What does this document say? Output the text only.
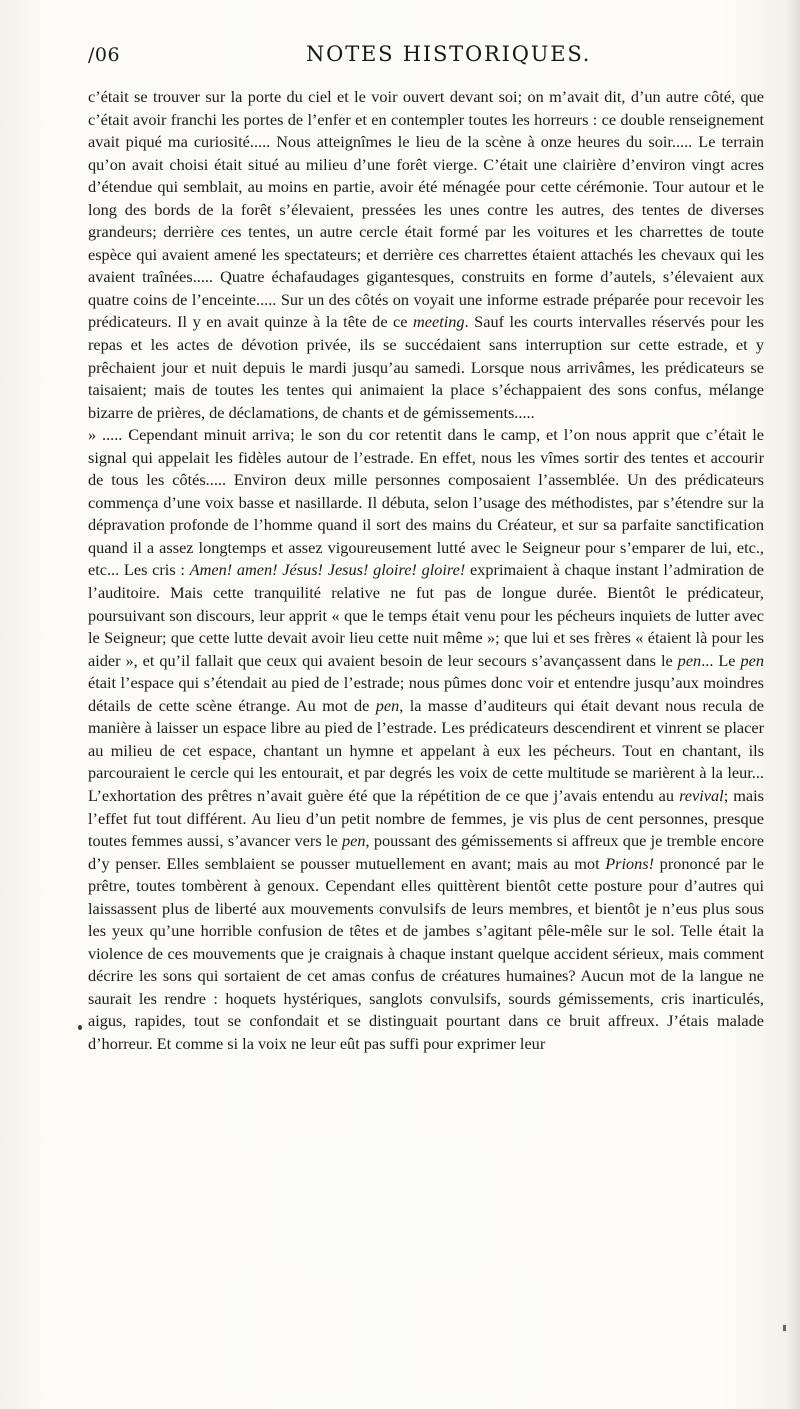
/06	NOTES HISTORIQUES.

c’était se trouver sur la porte du ciel et le voir ouvert devant soi; on m’avait dit, d’un autre côté, que c’était avoir franchi les portes de l’enfer et en contempler toutes les horreurs : ce double renseignement avait piqué ma curiosité..... Nous atteignîmes le lieu de la scène à onze heures du soir..... Le terrain qu’on avait choisi était situé au milieu d’une forêt vierge. C’était une clairière d’environ vingt acres d’étendue qui semblait, au moins en partie, avoir été ménagée pour cette cérémonie. Tour autour et le long des bords de la forêt s’élevaient, pressées les unes contre les autres, des tentes de diverses grandeurs; derrière ces tentes, un autre cercle était formé par les voitures et les charrettes de toute espèce qui avaient amené les spectateurs; et derrière ces charrettes étaient attachés les chevaux qui les avaient traînées..... Quatre échafaudages gigantesques, construits en forme d’autels, s’élevaient aux quatre coins de l’enceinte..... Sur un des côtés on voyait une informe estrade préparée pour recevoir les prédicateurs. Il y en avait quinze à la tête de ce meeting. Sauf les courts intervalles réservés pour les repas et les actes de dévotion privée, ils se succédaient sans interruption sur cette estrade, et y prêchaient jour et nuit depuis le mardi jusqu’au samedi. Lorsque nous arrivâmes, les prédicateurs se taisaient; mais de toutes les tentes qui animaient la place s’échappaient des sons confus, mélange bizarre de prières, de déclamations, de chants et de gémissements.....

» ..... Cependant minuit arriva; le son du cor retentit dans le camp, et l’on nous apprit que c’était le signal qui appelait les fidèles autour de l’estrade. En effet, nous les vîmes sortir des tentes et accourir de tous les côtés..... Environ deux mille personnes composaient l’assemblée. Un des prédicateurs commença d’une voix basse et nasillarde. Il débuta, selon l’usage des méthodistes, par s’étendre sur la dépravation profonde de l’homme quand il sort des mains du Créateur, et sur sa parfaite sanctification quand il a assez longtemps et assez vigoureusement lutté avec le Seigneur pour s’emparer de lui, etc., etc... Les cris : Amen! amen! Jésus! Jesus! gloire! gloire! exprimaient à chaque instant l’admiration de l’auditoire. Mais cette tranquilité relative ne fut pas de longue durée. Bientôt le prédicateur, poursuivant son discours, leur apprit « que le temps était venu pour les pécheurs inquiets de lutter avec le Seigneur; que cette lutte devait avoir lieu cette nuit même »; que lui et ses frères « étaient là pour les aider », et qu’il fallait que ceux qui avaient besoin de leur secours s’avançassent dans le pen... Le pen était l’espace qui s’étendait au pied de l’estrade; nous pûmes donc voir et entendre jusqu’aux moindres détails de cette scène étrange. Au mot de pen, la masse d’auditeurs qui était devant nous recula de manière à laisser un espace libre au pied de l’estrade. Les prédicateurs descendirent et vinrent se placer au milieu de cet espace, chantant un hymne et appelant à eux les pécheurs. Tout en chantant, ils parcouraient le cercle qui les entourait, et par degrés les voix de cette multitude se marièrent à la leur... L’exhortation des prêtres n’avait guère été que la répétition de ce que j’avais entendu au revival; mais l’effet fut tout différent. Au lieu d’un petit nombre de femmes, je vis plus de cent personnes, presque toutes femmes aussi, s’avancer vers le pen, poussant des gémissements si affreux que je tremble encore d’y penser. Elles semblaient se pousser mutuellement en avant; mais au mot Prions! prononcé par le prêtre, toutes tombèrent à genoux. Cependant elles quittèrent bientôt cette posture pour d’autres qui laissassent plus de liberté aux mouvements convulsifs de leurs membres, et bientôt je n’eus plus sous les yeux qu’une horrible confusion de têtes et de jambes s’agitant pêle-mêle sur le sol. Telle était la violence de ces mouvements que je craignais à chaque instant quelque accident sérieux, mais comment décrire les sons qui sortaient de cet amas confus de créatures humaines? Aucun mot de la langue ne saurait les rendre : hoquets hystériques, sanglots convulsifs, sourds gémissements, cris inarticulés, aigus, rapides, tout se confondait et se distinguait pourtant dans ce bruit affreux. J’étais malade d’horreur. Et comme si la voix ne leur eût pas suffi pour exprimer leur
